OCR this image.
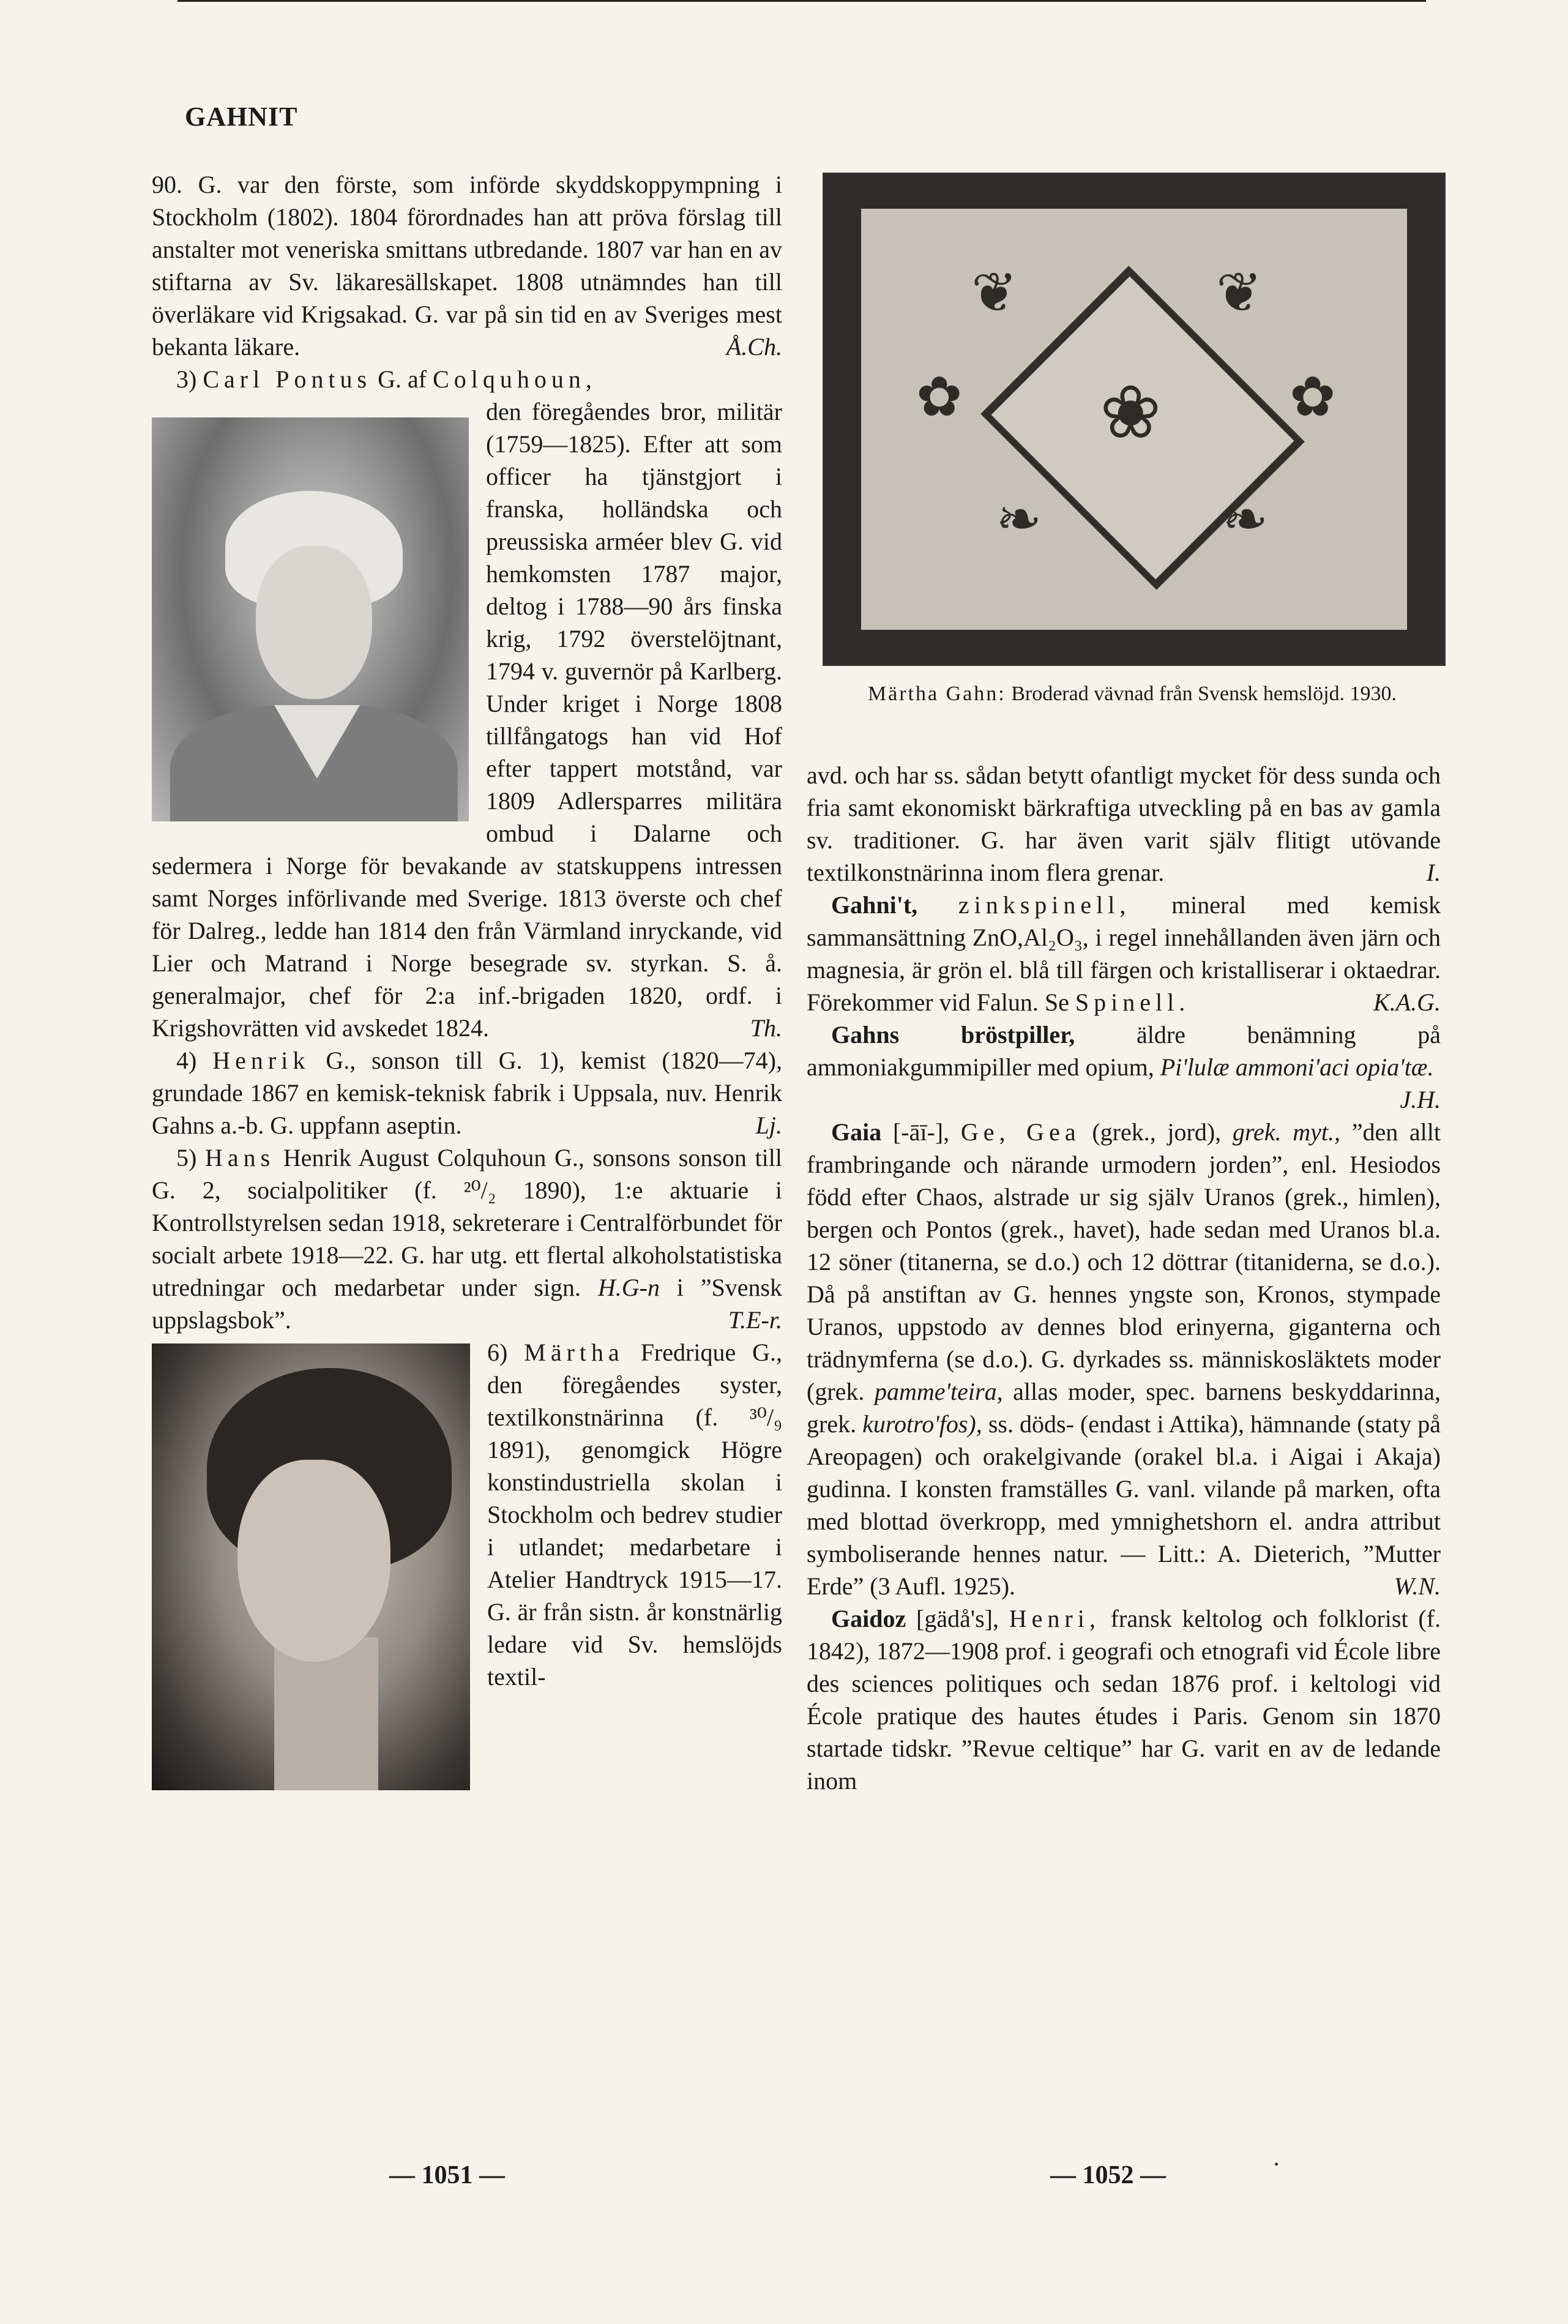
GAHNIT

90. G. var den förste, som införde skyddskoppympning i Stockholm (1802). 1804 förordnades han att pröva förslag till anstalter mot veneriska smittans utbredande. 1807 var han en av stiftarna av Sv. läkaresällskapet. 1808 utnämndes han till överläkare vid Krigsakad. G. var på sin tid en av Sveriges mest bekanta läkare.	Å.Ch.

3) Carl Pontus G. af Colquhoun,

den föregåendes bror, militär (1759—1825). Efter att som officer ha tjänstgjort i franska, holländska och preussiska arméer blev G. vid hemkomsten 1787 major, deltog i 1788—90 års finska krig, 1792 överstelöjtnant, 1794 v. guvernör på Karlberg. Under kriget i Norge 1808 tillfångatogs han vid Hof efter tappert motstånd, var 1809 Adlersparres militära ombud i Dalarne och sedermera i Norge för bevakande av statskuppens intressen samt Norges införlivande med Sverige. 1813 överste och chef för Dalreg., ledde han 1814 den från Värmland inryckande, vid Lier och Matrand i Norge besegrade sv. styrkan. S. å. generalmajor, chef för 2:a inf.-brigaden 1820, ordf. i Krigshovrätten vid avskedet 1824.	Th.

4) Henrik G., sonson till G. 1), kemist (1820—74), grundade 1867 en kemisk-teknisk fabrik i Uppsala, nuv. Henrik Gahns a.-b. G. uppfann aseptin.	Lj.

5) Hans Henrik August Colquhoun G., sonsons sonson till G. 2, socialpolitiker (f. ²⁰/₂ 1890), 1:e aktuarie i Kontrollstyrelsen sedan 1918, sekreterare i Centralförbundet för socialt arbete 1918—22. G. har utg. ett flertal alkoholstatistiska utredningar och medarbetar under sign. H.G-n i ”Svensk uppslagsbok”.	T.E-r.

6) Märtha Fredrique G., den föregåendes syster, textilkonstnärinna (f. ³⁰/₉ 1891), genomgick Högre konstindustriella skolan i Stockholm och bedrev studier i utlandet; medarbetare i Atelier Handtryck 1915—17. G. är från sistn. år konstnärlig ledare vid Sv. hemslöjds textil-

❦	❦
❀
✿	✿
❧	❧
Märtha Gahn: Broderad vävnad från Svensk hemslöjd. 1930.

avd. och har ss. sådan betytt ofantligt mycket för dess sunda och fria samt ekonomiskt bärkraftiga utveckling på en bas av gamla sv. traditioner. G. har även varit själv flitigt utövande textilkonstnärinna inom flera grenar.	I.

Gahni't, zinkspinell, mineral med kemisk sammansättning ZnO,Al₂O₃, i regel innehållanden även järn och magnesia, är grön el. blå till färgen och kristalliserar i oktaedrar. Förekommer vid Falun. Se Spinell.	K.A.G.

Gahns bröstpiller,	äldre benämning på ammoniakgummipiller med opium, Pi'lulæ ammoni'aci opia'tæ.
J.H.

Gaia [-āī-], Ge, Gea (grek., jord), grek. myt., ”den allt frambringande och närande urmodern jorden”, enl. Hesiodos född efter Chaos, alstrade ur sig själv Uranos (grek., himlen), bergen och Pontos (grek., havet), hade sedan med Uranos bl.a. 12 söner (titanerna, se d.o.) och 12 döttrar (titaniderna, se d.o.). Då på anstiftan av G. hennes yngste son, Kronos, stympade Uranos, uppstodo av dennes blod erinyerna, giganterna och trädnymferna (se d.o.). G. dyrkades ss. människosläktets moder (grek. pamme'teira, allas moder, spec. barnens beskyddarinna, grek. kurotro'fos), ss. döds- (endast i Attika), hämnande (staty på Areopagen) och orakelgivande (orakel bl.a. i Aigai i Akaja) gudinna. I konsten framställes G. vanl. vilande på marken, ofta med blottad överkropp, med ymnighetshorn el. andra attribut symboliserande hennes natur. — Litt.: A. Dieterich, ”Mutter Erde” (3 Aufl. 1925).	W.N.

Gaidoz [gädå's], Henri, fransk keltolog och folklorist (f. 1842), 1872—1908 prof. i geografi och etnografi vid École libre des sciences politiques och sedan 1876 prof. i keltologi vid École pratique des hautes études i Paris. Genom sin 1870 startade tidskr. ”Revue celtique” har G. varit en av de ledande inom

— 1051 —	— 1052 —	•
